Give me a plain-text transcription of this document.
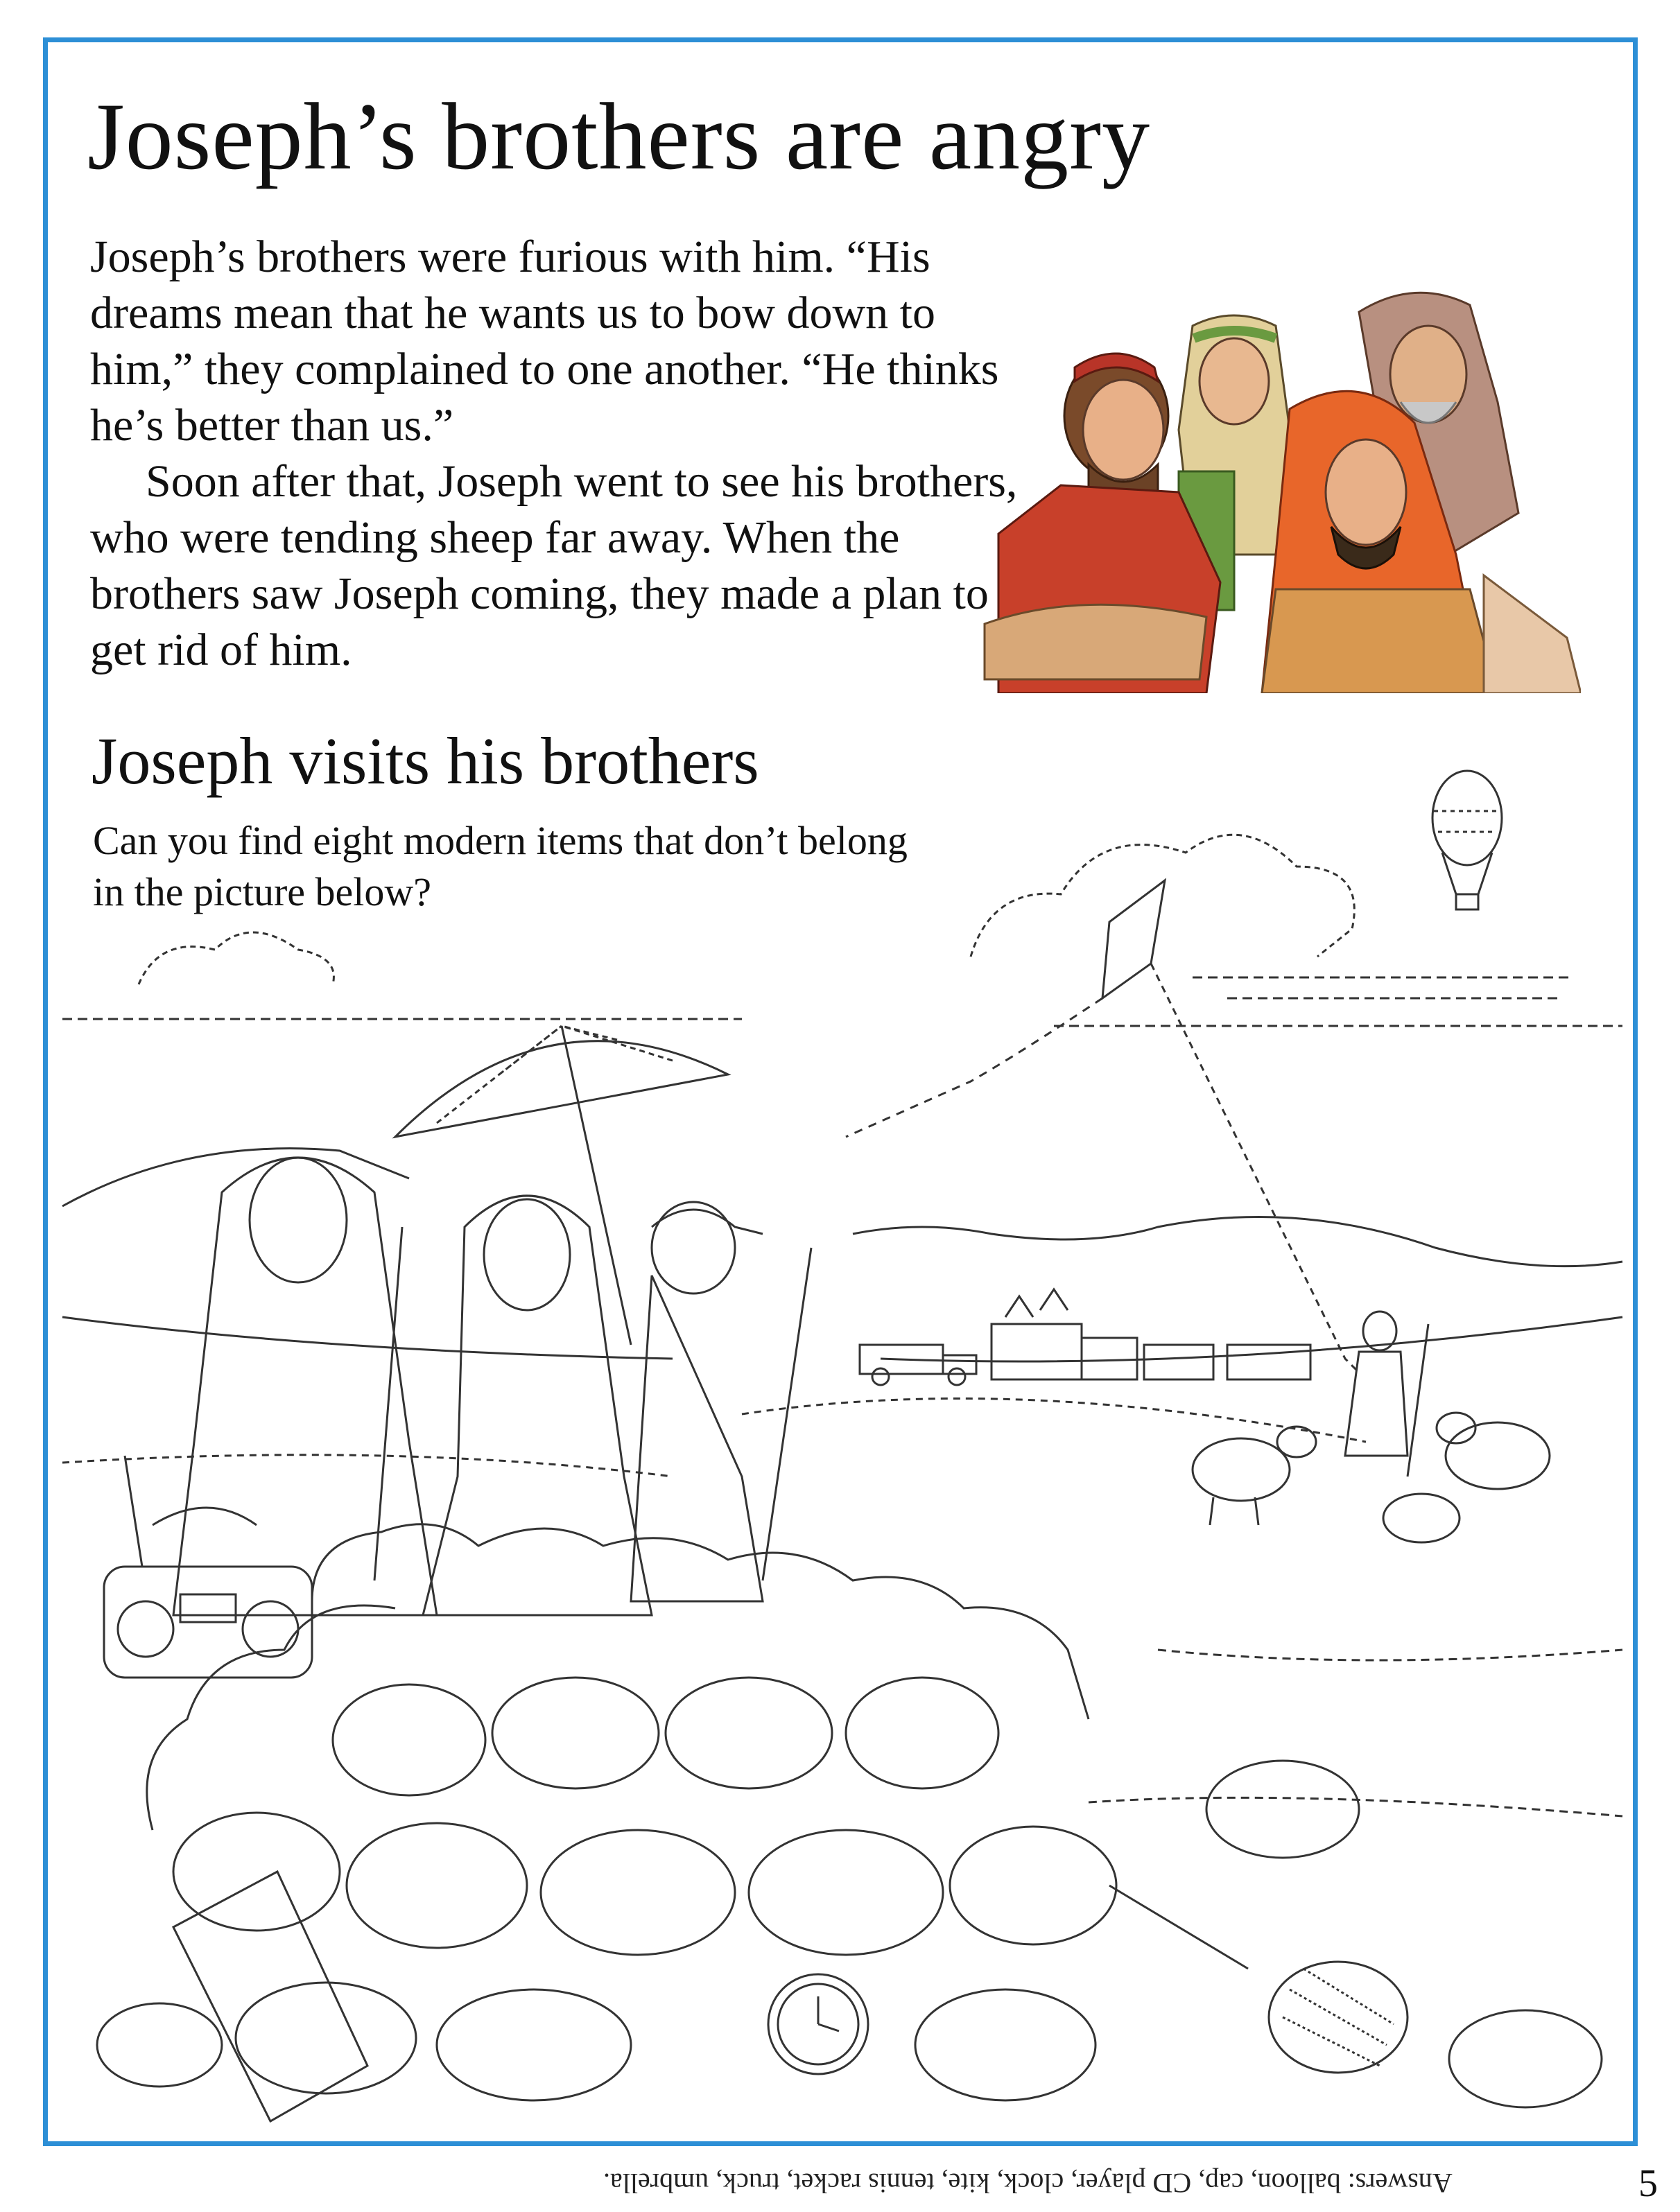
Joseph’s brothers are angry

Joseph’s brothers were furious with him. “His dreams mean that he wants us to bow down to him,” they complained to one another. “He thinks he’s better than us.”

Soon after that, Joseph went to see his brothers, who were tending sheep far away. When the brothers saw Joseph coming, they made a plan to get rid of him.

Joseph visits his brothers

Can you find eight modern items that don’t belong in the picture below?

Answers: balloon, cap, CD player, clock, kite, tennis racket, truck, umbrella.	5
